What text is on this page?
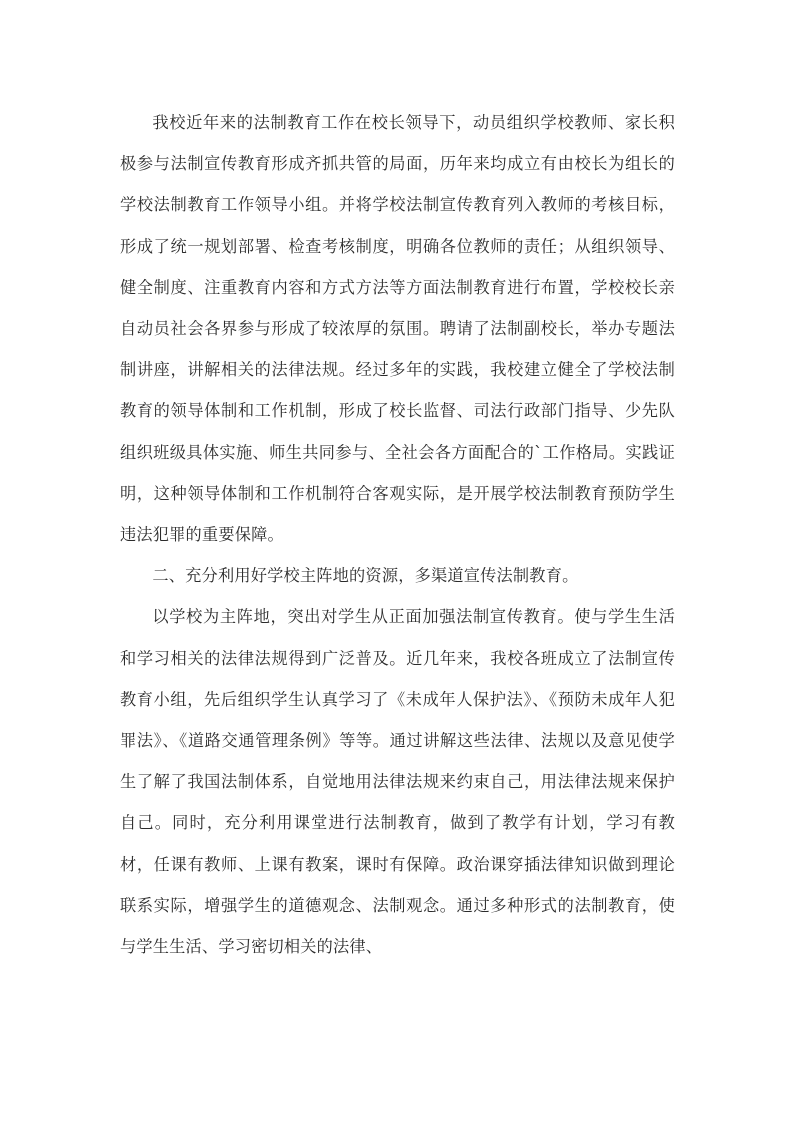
我校近年来的法制教育工作在校长领导下，动员组织学校教师、家长积极参与法制宣传教育形成齐抓共管的局面，历年来均成立有由校长为组长的学校法制教育工作领导小组。并将学校法制宣传教育列入教师的考核目标，形成了统一规划部署、检查考核制度，明确各位教师的责任；从组织领导、健全制度、注重教育内容和方式方法等方面法制教育进行布置，学校校长亲自动员社会各界参与形成了较浓厚的氛围。聘请了法制副校长，举办专题法制讲座，讲解相关的法律法规。经过多年的实践，我校建立健全了学校法制教育的领导体制和工作机制，形成了校长监督、司法行政部门指导、少先队组织班级具体实施、师生共同参与、全社会各方面配合的`工作格局。实践证明，这种领导体制和工作机制符合客观实际，是开展学校法制教育预防学生违法犯罪的重要保障。

二、充分利用好学校主阵地的资源，多渠道宣传法制教育。

以学校为主阵地，突出对学生从正面加强法制宣传教育。使与学生生活和学习相关的法律法规得到广泛普及。近几年来，我校各班成立了法制宣传教育小组，先后组织学生认真学习了《未成年人保护法》、《预防未成年人犯罪法》、《道路交通管理条例》等等。通过讲解这些法律、法规以及意见使学生了解了我国法制体系，自觉地用法律法规来约束自己，用法律法规来保护自己。同时，充分利用课堂进行法制教育，做到了教学有计划，学习有教材，任课有教师、上课有教案，课时有保障。政治课穿插法律知识做到理论联系实际，增强学生的道德观念、法制观念。通过多种形式的法制教育，使与学生生活、学习密切相关的法律、
